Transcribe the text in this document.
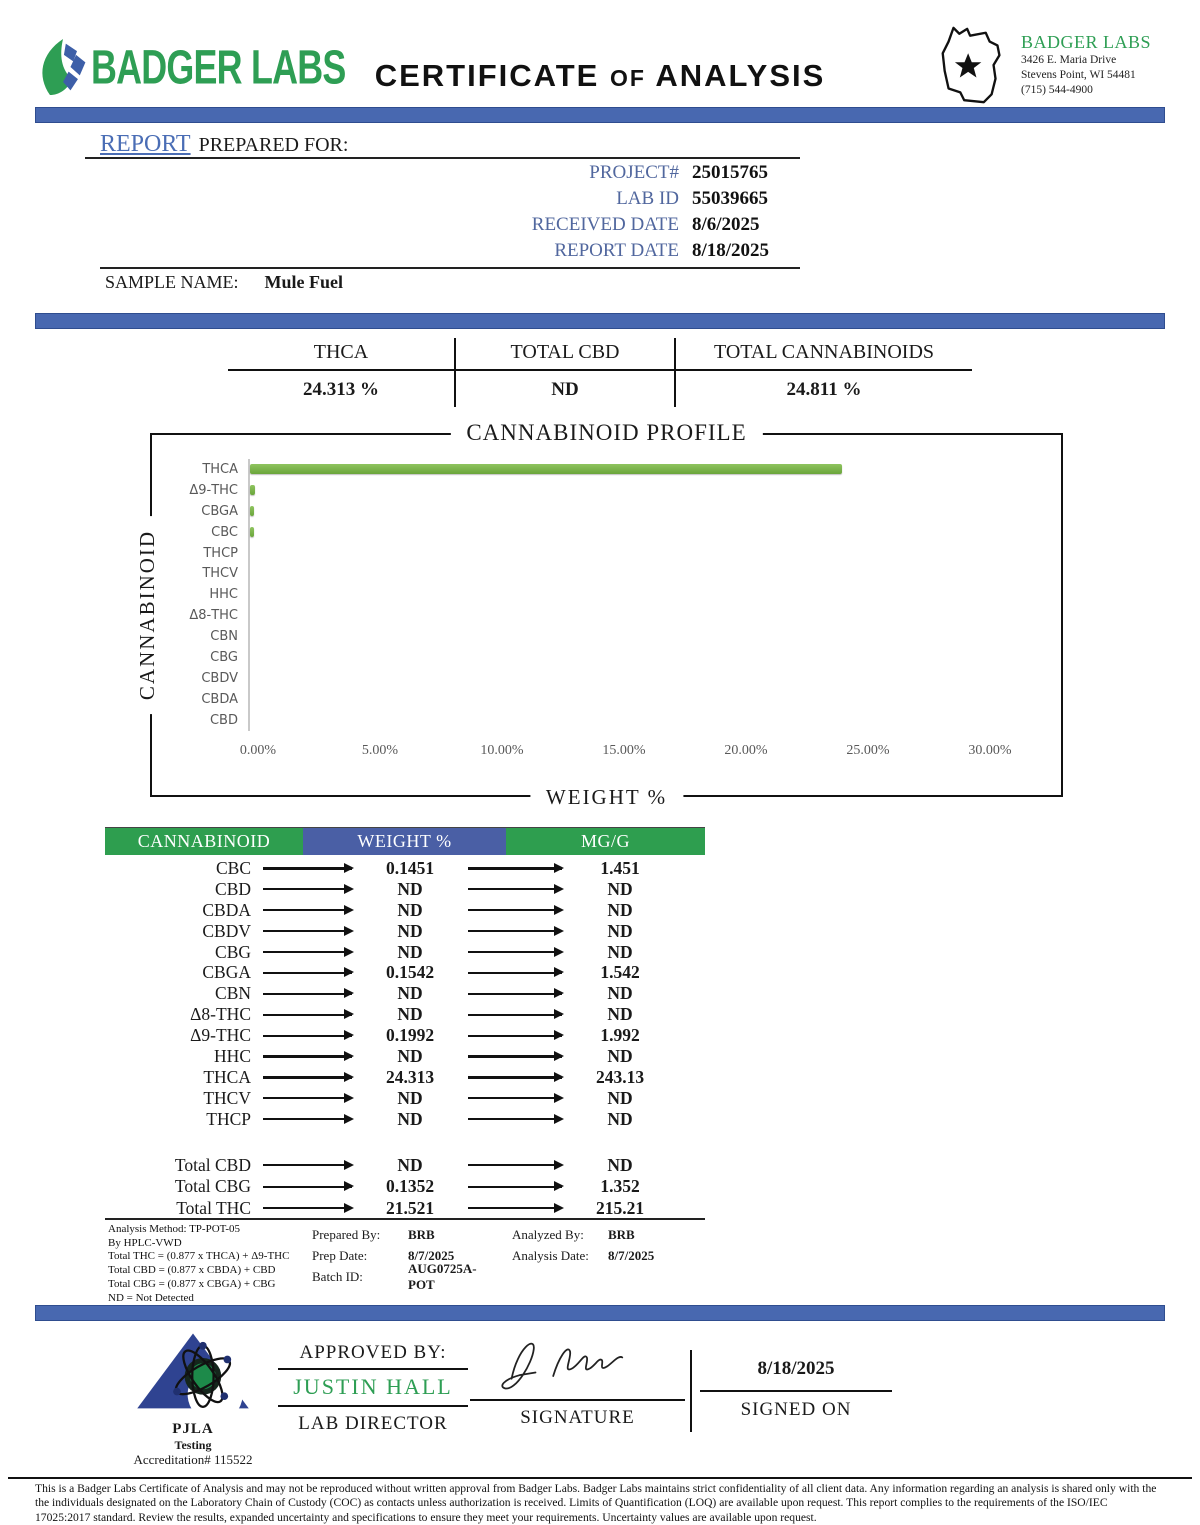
BADGER LABS CERTIFICATE OF ANALYSIS
BADGER LABS
3426 E. Maria Drive
Stevens Point, WI 54481
(715) 544-4900
REPORT PREPARED FOR:
PROJECT# 25015765
LAB ID 55039665
RECEIVED DATE 8/6/2025
REPORT DATE 8/18/2025
SAMPLE NAME: Mule Fuel
THCA	TOTAL CBD	TOTAL CANNABINOIDS
24.313 %	ND	24.811 %
CANNABINOID PROFILE
CANNABINOID
THCA
Δ9-THC
CBGA
CBC
THCP
THCV
HHC
Δ8-THC
CBN
CBG
CBDV
CBDA
CBD
0.00%	5.00%	10.00%	15.00%	20.00%	25.00%	30.00%
WEIGHT %
CANNABINOID	WEIGHT %	MG/G
CBC	0.1451	1.451
CBD	ND	ND
CBDA	ND	ND
CBDV	ND	ND
CBG	ND	ND
CBGA	0.1542	1.542
CBN	ND	ND
Δ8-THC	ND	ND
Δ9-THC	0.1992	1.992
HHC	ND	ND
THCA	24.313	243.13
THCV	ND	ND
THCP	ND	ND
Total CBD	ND	ND
Total CBG	0.1352	1.352
Total THC	21.521	215.21
Analysis Method: TP-POT-05
By HPLC-VWD
Total THC = (0.877 x THCA) + Δ9-THC
Total CBD = (0.877 x CBDA) + CBD
Total CBG = (0.877 x CBGA) + CBG
ND = Not Detected
Prepared By:	BRB
Prep Date:	8/7/2025
Batch ID:
AUG0725A-POT
Analyzed By:	BRB
Analysis Date:	8/7/2025
PJLA
Testing
Accreditation# 115522
APPROVED BY:
JUSTIN HALL
LAB DIRECTOR	SIGNATURE
8/18/2025
SIGNED ON
This is a Badger Labs Certificate of Analysis and may not be reproduced without written approval from Badger Labs. Badger Labs maintains strict confidentiality of all client data. Any information regarding an analysis is shared only with the the individuals designated on the Laboratory Chain of Custody (COC) as contacts unless authorization is received. Limits of Quantification (LOQ) are available upon request. This report complies to the requirements of the ISO/IEC 17025:2017 standard. Review the results, expanded uncertainty and specifications to ensure they meet your requirements. Uncertainty values are available upon request.
